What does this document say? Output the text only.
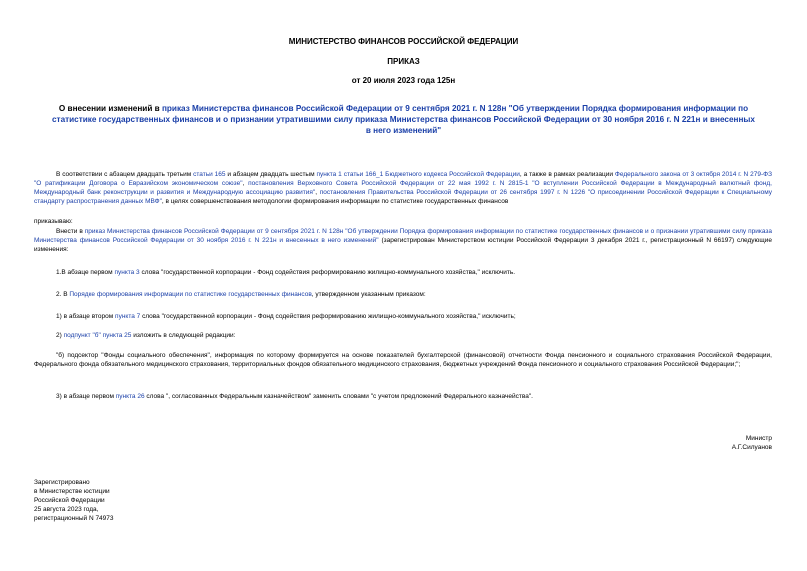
МИНИСТЕРСТВО ФИНАНСОВ РОССИЙСКОЙ ФЕДЕРАЦИИ
ПРИКАЗ
от 20 июля 2023 года 125н
О внесении изменений в приказ Министерства финансов Российской Федерации от 9 сентября 2021 г. N 128н "Об утверждении Порядка формирования информации по статистике государственных финансов и о признании утратившими силу приказа Министерства финансов Российской Федерации от 30 ноября 2016 г. N 221н и внесенных в него изменений"
В соответствии с абзацем двадцать третьим статьи 165 и абзацем двадцать шестым пункта 1 статьи 166_1 Бюджетного кодекса Российской Федерации, а также в рамках реализации Федерального закона от 3 октября 2014 г. N 279-ФЗ "О ратификации Договора о Евразийском экономическом союзе", постановления Верховного Совета Российской Федерации от 22 мая 1992 г. N 2815-1 "О вступлении Российской Федерации в Международный валютный фонд, Международный банк реконструкции и развития и Международную ассоциацию развития", постановления Правительства Российской Федерации от 26 сентября 1997 г. N 1226 "О присоединении Российской Федерации к Специальному стандарту распространения данных МВФ", в целях совершенствования методологии формирования информации по статистике государственных финансов
приказываю:
Внести в приказ Министерства финансов Российской Федерации от 9 сентября 2021 г. N 128н "Об утверждении Порядка формирования информации по статистике государственных финансов и о признании утратившими силу приказа Министерства финансов Российской Федерации от 30 ноября 2016 г. N 221н и внесенных в него изменений" (зарегистрирован Министерством юстиции Российской Федерации 3 декабря 2021 г., регистрационный N 66197) следующие изменения:
1.В абзаце первом пункта 3 слова "государственной корпорации - Фонд содействия реформированию жилищно-коммунального хозяйства," исключить.
2. В Порядке формирования информации по статистике государственных финансов, утвержденном указанным приказом:
1) в абзаце втором пункта 7 слова "государственной корпорации - Фонд содействия реформированию жилищно-коммунального хозяйства," исключить;
2) подпункт "б" пункта 25 изложить в следующей редакции:
"б) подсектор "Фонды социального обеспечения", информация по которому формируется на основе показателей бухгалтерской (финансовой) отчетности Фонда пенсионного и социального страхования Российской Федерации, Федерального фонда обязательного медицинского страхования, территориальных фондов обязательного медицинского страхования, бюджетных учреждений Фонда пенсионного и социального страхования Российской Федерации;";
3) в абзаце первом пункта 26 слова ", согласованных Федеральным казначейством" заменить словами "с учетом предложений Федерального казначейства".
Министр
А.Г.Силуанов
Зарегистрировано
в Министерстве юстиции
Российской Федерации
25 августа 2023 года,
регистрационный N 74973
